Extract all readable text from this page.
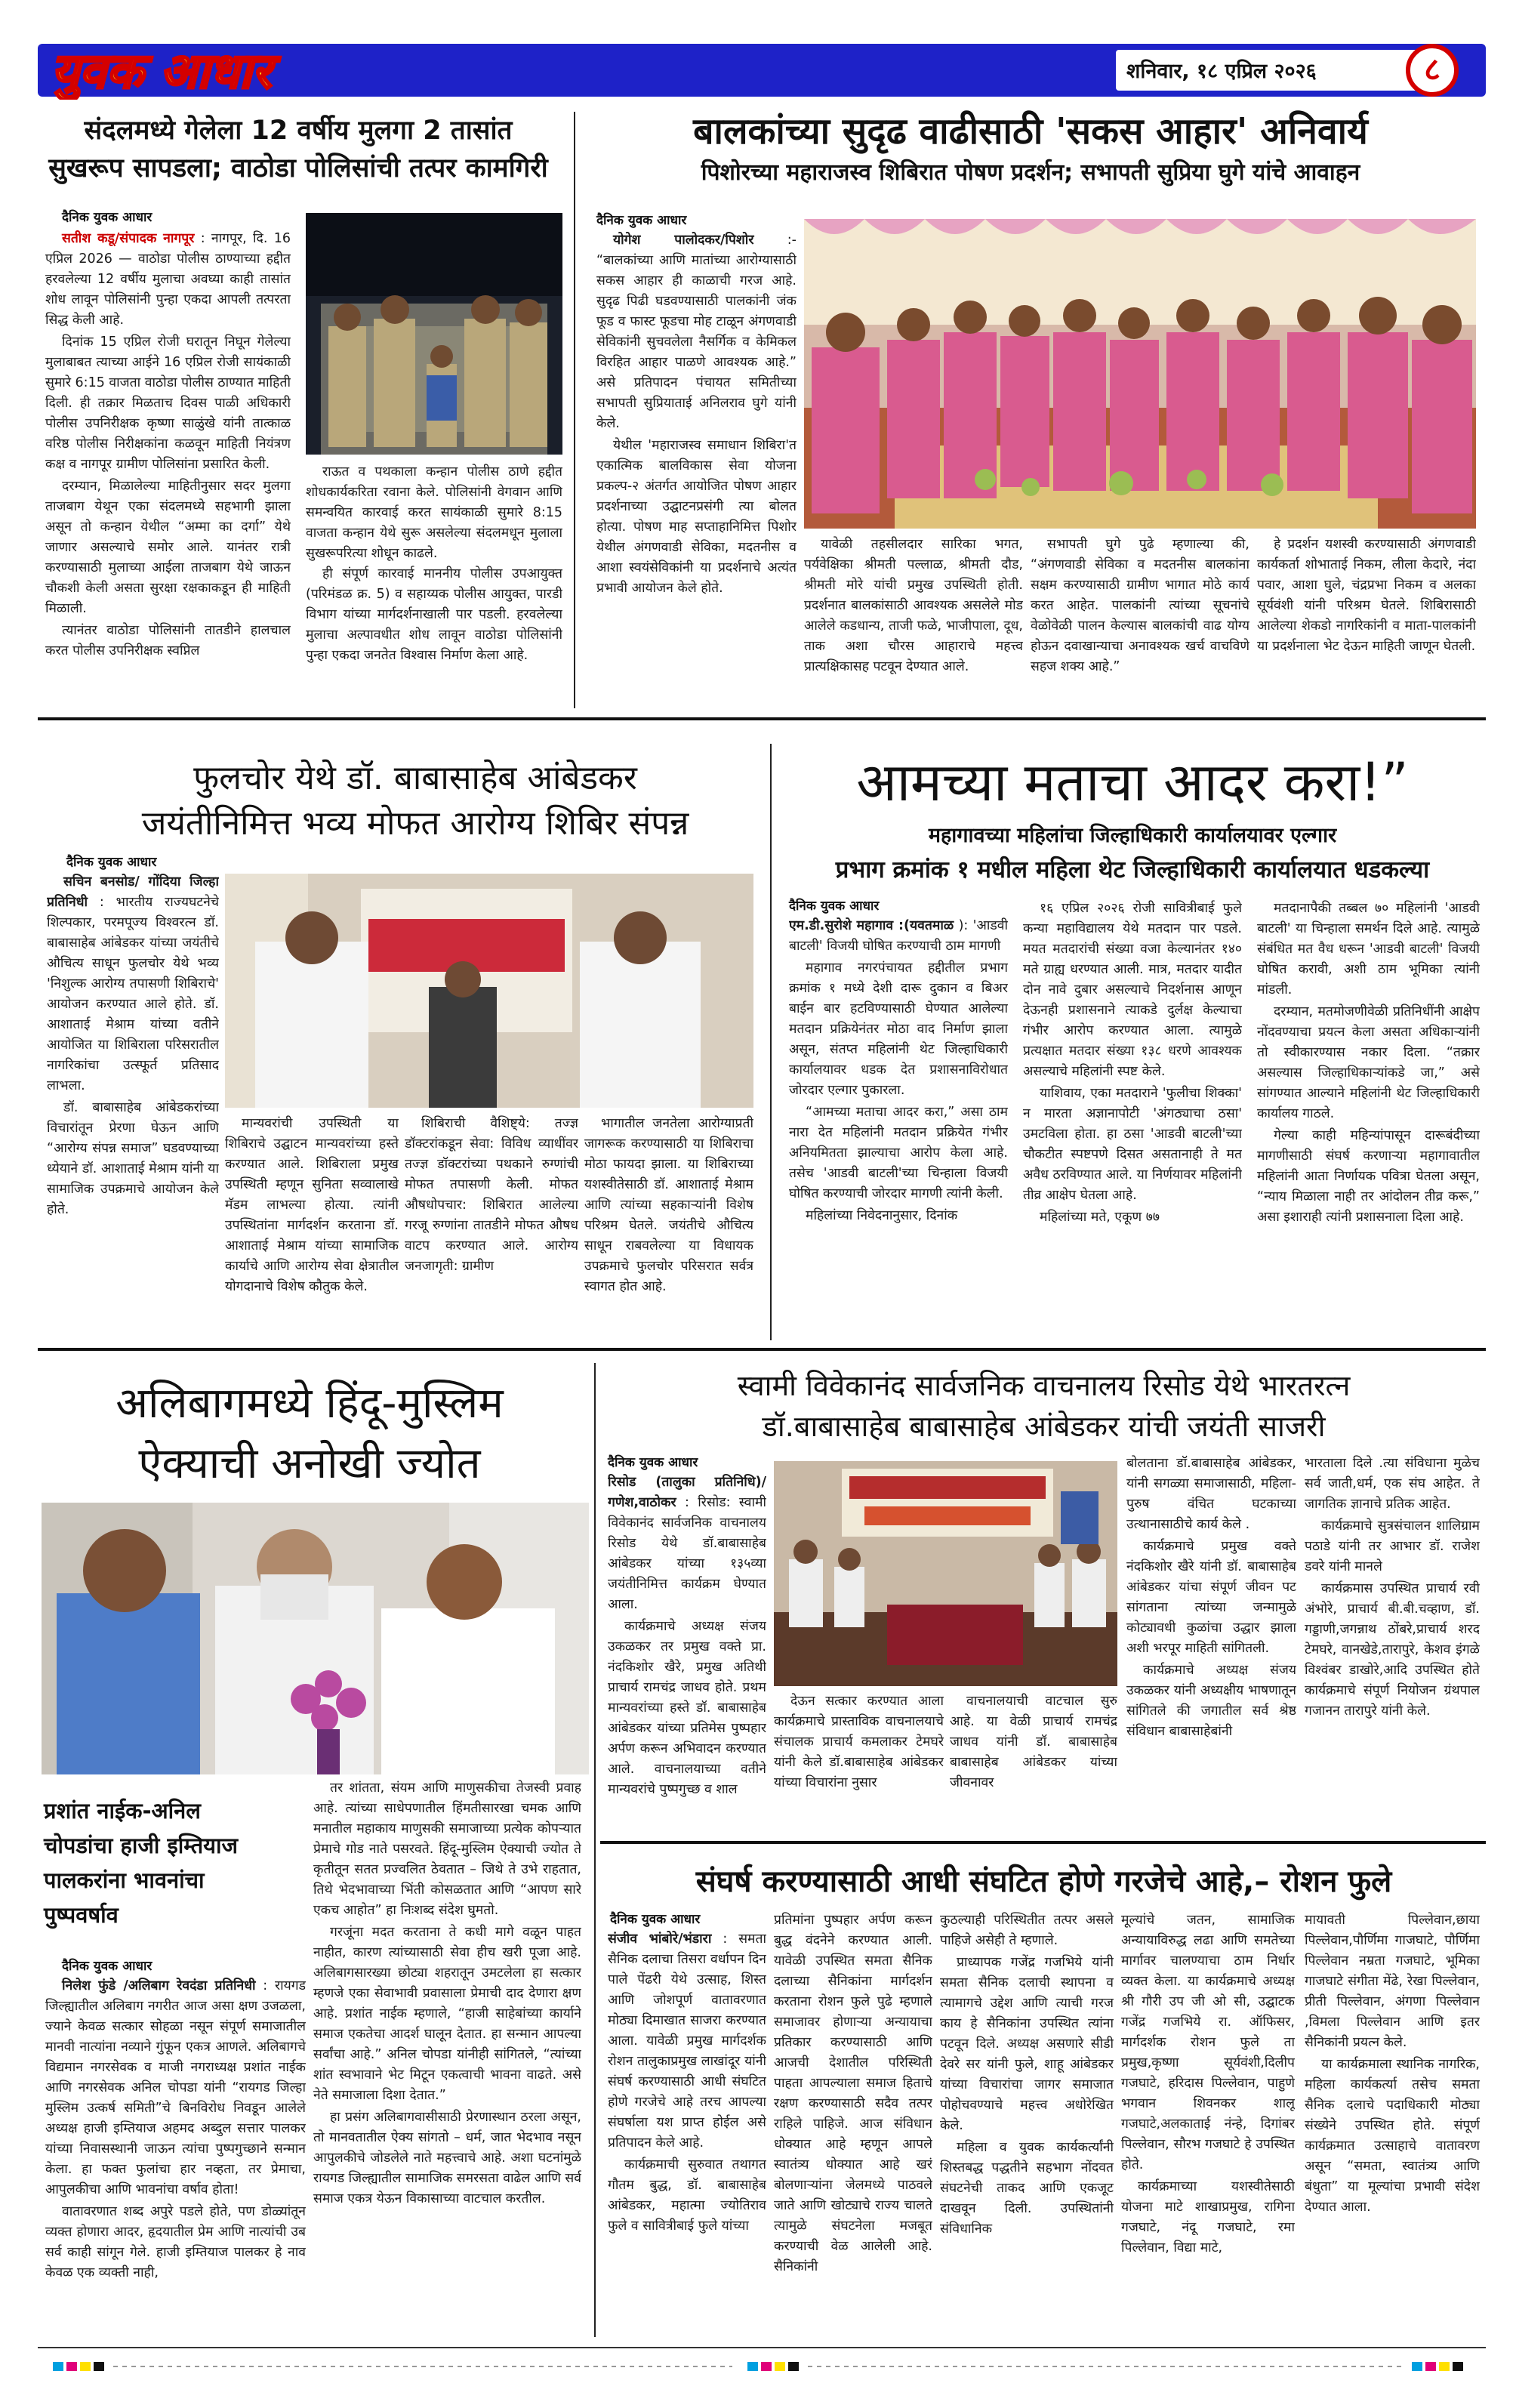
युवक आधार	शनिवार, १८ एप्रिल २०२६	८
संदलमध्ये गेलेला 12 वर्षीय मुलगा 2 तासांत
सुखरूप सापडला; वाठोडा पोलिसांची तत्पर कामगिरी
दैनिक युवक आधार

सतीश कडू/संपादक नागपूर : नागपूर, दि. 16 एप्रिल 2026 — वाठोडा पोलीस ठाण्याच्या हद्दीत हरवलेल्या 12 वर्षीय मुलाचा अवघ्या काही तासांत शोध लावून पोलिसांनी पुन्हा एकदा आपली तत्परता सिद्ध केली आहे.

दिनांक 15 एप्रिल रोजी घरातून निघून गेलेल्या मुलाबाबत त्याच्या आईने 16 एप्रिल रोजी सायंकाळी सुमारे 6:15 वाजता वाठोडा पोलीस ठाण्यात माहिती दिली. ही तक्रार मिळताच दिवस पाळी अधिकारी पोलीस उपनिरीक्षक कृष्णा साळुंखे यांनी तात्काळ वरिष्ठ पोलीस निरीक्षकांना कळवून माहिती नियंत्रण कक्ष व नागपूर ग्रामीण पोलिसांना प्रसारित केली.

दरम्यान, मिळालेल्या माहितीनुसार सदर मुलगा ताजबाग येथून एका संदलमध्ये सहभागी झाला असून तो कन्हान येथील “अम्मा का दर्गा” येथे जाणार असल्याचे समोर आले. यानंतर रात्री करण्यासाठी मुलाच्या आईला ताजबाग येथे जाऊन चौकशी केली असता सुरक्षा रक्षकाकडून ही माहिती मिळाली.

त्यानंतर वाठोडा पोलिसांनी तातडीने हालचाल करत पोलीस उपनिरीक्षक स्वप्निल

राऊत व पथकाला कन्हान पोलीस ठाणे हद्दीत शोधकार्यकरिता रवाना केले. पोलिसांनी वेगवान आणि समन्वयित कारवाई करत सायंकाळी सुमारे 8:15 वाजता कन्हान येथे सुरू असलेल्या संदलमधून मुलाला सुखरूपरित्या शोधून काढले.

ही संपूर्ण कारवाई माननीय पोलीस उपआयुक्त (परिमंडळ क्र. 5) व सहाय्यक पोलीस आयुक्त, पारडी विभाग यांच्या मार्गदर्शनाखाली पार पडली. हरवलेल्या मुलाचा अल्पावधीत शोध लावून वाठोडा पोलिसांनी पुन्हा एकदा जनतेत विश्वास निर्माण केला आहे.

बालकांच्या सुदृढ वाढीसाठी 'सकस आहार' अनिवार्य
पिशोरच्या महाराजस्व शिबिरात पोषण प्रदर्शन; सभापती सुप्रिया घुगे यांचे आवाहन
दैनिक युवक आधार

योगेश पालोदकर/पिशोर :- “बालकांच्या आणि मातांच्या आरोग्यासाठी सकस आहार ही काळाची गरज आहे. सुदृढ पिढी घडवण्यासाठी पालकांनी जंक फूड व फास्ट फूडचा मोह टाळून अंगणवाडी सेविकांनी सुचवलेला नैसर्गिक व केमिकल विरहित आहार पाळणे आवश्यक आहे.” असे प्रतिपादन पंचायत समितीच्या सभापती सुप्रियाताई अनिलराव घुगे यांनी केले.

येथील 'महाराजस्व समाधान शिबिरा'त एकात्मिक बालविकास सेवा योजना प्रकल्प-२ अंतर्गत आयोजित पोषण आहार प्रदर्शनाच्या उद्घाटनप्रसंगी त्या बोलत होत्या. पोषण माह सप्ताहानिमित्त पिशोर येथील अंगणवाडी सेविका, मदतनीस व आशा स्वयंसेविकांनी या प्रदर्शनाचे अत्यंत प्रभावी आयोजन केले होते.

यावेळी तहसीलदार सारिका भगत, पर्यवेक्षिका श्रीमती पल्लाळ, श्रीमती दौड, श्रीमती मोरे यांची प्रमुख उपस्थिती होती. प्रदर्शनात बालकांसाठी आवश्यक असलेले मोड आलेले कडधान्य, ताजी फळे, भाजीपाला, दूध, ताक अशा चौरस आहाराचे महत्त्व प्रात्यक्षिकासह पटवून देण्यात आले.

सभापती घुगे पुढे म्हणाल्या की, “अंगणवाडी सेविका व मदतनीस बालकांना सक्षम करण्यासाठी ग्रामीण भागात मोठे कार्य करत आहेत. पालकांनी त्यांच्या सूचनांचे वेळोवेळी पालन केल्यास बालकांची वाढ योग्य होऊन दवाखान्याचा अनावश्यक खर्च वाचविणे सहज शक्य आहे.”

हे प्रदर्शन यशस्वी करण्यासाठी अंगणवाडी कार्यकर्ता शोभाताई निकम, लीला केदारे, नंदा पवार, आशा घुले, चंद्रप्रभा निकम व अलका सूर्यवंशी यांनी परिश्रम घेतले. शिबिरासाठी आलेल्या शेकडो नागरिकांनी व माता-पालकांनी या प्रदर्शनाला भेट देऊन माहिती जाणून घेतली.

फुलचोर येथे डॉ. बाबासाहेब आंबेडकर
जयंतीनिमित्त भव्य मोफत आरोग्य शिबिर संपन्न
दैनिक युवक आधार

सचिन बनसोड/ गोंदिया जिल्हा प्रतिनिधी : भारतीय राज्यघटनेचे शिल्पकार, परमपूज्य विश्वरत्न डॉ. बाबासाहेब आंबेडकर यांच्या जयंतीचे औचित्य साधून फुलचोर येथे भव्य 'निशुल्क आरोग्य तपासणी शिबिराचे' आयोजन करण्यात आले होते. डॉ. आशाताई मेश्राम यांच्या वतीने आयोजित या शिबिराला परिसरातील नागरिकांचा उत्स्फूर्त प्रतिसाद लाभला.

डॉ. बाबासाहेब आंबेडकरांच्या विचारांतून प्रेरणा घेऊन आणि “आरोग्य संपन्न समाज” घडवण्याच्या ध्येयाने डॉ. आशाताई मेश्राम यांनी या सामाजिक उपक्रमाचे आयोजन केले होते.

मान्यवरांची उपस्थिती या शिबिराचे उद्घाटन मान्यवरांच्या हस्ते करण्यात आले. शिबिराला प्रमुख उपस्थिती म्हणून सुनिता सव्वालाखे मॅडम लाभल्या होत्या. त्यांनी उपस्थितांना मार्गदर्शन करताना डॉ. आशाताई मेश्राम यांच्या सामाजिक कार्याचे आणि आरोग्य सेवा क्षेत्रातील योगदानाचे विशेष कौतुक केले.

शिबिराची वैशिष्ट्ये: तज्ज्ञ डॉक्टरांकडून सेवा: विविध व्याधींवर तज्ज्ञ डॉक्टरांच्या पथकाने रुग्णांची मोफत तपासणी केली. मोफत औषधोपचार: शिबिरात आलेल्या गरजू रुग्णांना तातडीने मोफत औषध वाटप करण्यात आले. आरोग्य जनजागृती: ग्रामीण

भागातील जनतेला आरोग्याप्रती जागरूक करण्यासाठी या शिबिराचा मोठा फायदा झाला. या शिबिराच्या यशस्वीतेसाठी डॉ. आशाताई मेश्राम आणि त्यांच्या सहकाऱ्यांनी विशेष परिश्रम घेतले. जयंतीचे औचित्य साधून राबवलेल्या या विधायक उपक्रमाचे फुलचोर परिसरात सर्वत्र स्वागत होत आहे.

आमच्या मताचा आदर करा!”
महागावच्या महिलांचा जिल्हाधिकारी कार्यालयावर एल्गार
प्रभाग क्रमांक १ मधील महिला थेट जिल्हाधिकारी कार्यालयात धडकल्या
दैनिक युवक आधार

एम.डी.सुरोशे महागाव :(यवतमाळ ): 'आडवी बाटली' विजयी घोषित करण्याची ठाम मागणी

महागाव नगरपंचायत हद्दीतील प्रभाग क्रमांक १ मध्ये देशी दारू दुकान व बिअर बाईन बार हटविण्यासाठी घेण्यात आलेल्या मतदान प्रक्रियेनंतर मोठा वाद निर्माण झाला असून, संतप्त महिलांनी थेट जिल्हाधिकारी कार्यालयावर धडक देत प्रशासनाविरोधात जोरदार एल्गार पुकारला.

“आमच्या मताचा आदर करा,” असा ठाम नारा देत महिलांनी मतदान प्रक्रियेत गंभीर अनियमितता झाल्याचा आरोप केला आहे. तसेच 'आडवी बाटली'च्या चिन्हाला विजयी घोषित करण्याची जोरदार मागणी त्यांनी केली.

महिलांच्या निवेदनानुसार, दिनांक

१६ एप्रिल २०२६ रोजी सावित्रीबाई फुले कन्या महाविद्यालय येथे मतदान पार पडले. मयत मतदारांची संख्या वजा केल्यानंतर १४० मते ग्राह्य धरण्यात आली. मात्र, मतदार यादीत दोन नावे दुबार असल्याचे निदर्शनास आणून देऊनही प्रशासनाने त्याकडे दुर्लक्ष केल्याचा गंभीर आरोप करण्यात आला. त्यामुळे प्रत्यक्षात मतदार संख्या १३८ धरणे आवश्यक असल्याचे महिलांनी स्पष्ट केले.

याशिवाय, एका मतदाराने 'फुलीचा शिक्का' न मारता अज्ञानापोटी 'अंगठ्याचा ठसा' उमटविला होता. हा ठसा 'आडवी बाटली'च्या चौकटीत स्पष्टपणे दिसत असतानाही ते मत अवैध ठरविण्यात आले. या निर्णयावर महिलांनी तीव्र आक्षेप घेतला आहे.

महिलांच्या मते, एकूण ७७

मतदानापैकी तब्बल ७० महिलांनी 'आडवी बाटली' या चिन्हाला समर्थन दिले आहे. त्यामुळे संबंधित मत वैध धरून 'आडवी बाटली' विजयी घोषित करावी, अशी ठाम भूमिका त्यांनी मांडली.

दरम्यान, मतमोजणीवेळी प्रतिनिधींनी आक्षेप नोंदवण्याचा प्रयत्न केला असता अधिकाऱ्यांनी तो स्वीकारण्यास नकार दिला. “तक्रार असल्यास जिल्हाधिकाऱ्यांकडे जा,” असे सांगण्यात आल्याने महिलांनी थेट जिल्हाधिकारी कार्यालय गाठले.

गेल्या काही महिन्यांपासून दारूबंदीच्या मागणीसाठी संघर्ष करणाऱ्या महागावातील महिलांनी आता निर्णायक पवित्रा घेतला असून, “न्याय मिळाला नाही तर आंदोलन तीव्र करू,” असा इशाराही त्यांनी प्रशासनाला दिला आहे.

अलिबागमध्ये हिंदू-मुस्लिम
ऐक्याची अनोखी ज्योत
प्रशांत नाईक-अनिल
चोपडांचा हाजी इम्तियाज
पालकरांना भावनांचा
पुष्पवर्षाव
दैनिक युवक आधार

निलेश फुंडे /अलिबाग रेवदंडा प्रतिनिधी : रायगड जिल्ह्यातील अलिबाग नगरीत आज असा क्षण उजळला, ज्याने केवळ सत्कार सोहळा नसून संपूर्ण समाजातील मानवी नात्यांना नव्याने गुंफून एकत्र आणले. अलिबागचे विद्यमान नगरसेवक व माजी नगराध्यक्ष प्रशांत नाईक आणि नगरसेवक अनिल चोपडा यांनी “रायगड जिल्हा मुस्लिम उत्कर्ष समिती”चे बिनविरोध निवडून आलेले अध्यक्ष हाजी इम्तियाज अहमद अब्दुल सत्तार पालकर यांच्या निवासस्थानी जाऊन त्यांचा पुष्पगुच्छाने सन्मान केला. हा फक्त फुलांचा हार नव्हता, तर प्रेमाचा, आपुलकीचा आणि भावनांचा वर्षाव होता!

वातावरणात शब्द अपुरे पडले होते, पण डोळ्यांतून व्यक्त होणारा आदर, हृदयातील प्रेम आणि नात्यांची उब सर्व काही सांगून गेले. हाजी इम्तियाज पालकर हे नाव केवळ एक व्यक्ती नाही,

तर शांतता, संयम आणि माणुसकीचा तेजस्वी प्रवाह आहे. त्यांच्या साधेपणातील हिंमतीसारखा चमक आणि मनातील महाकाय माणुसकी समाजाच्या प्रत्येक कोपऱ्यात प्रेमाचे गोड नाते पसरवते. हिंदू-मुस्लिम ऐक्याची ज्योत ते कृतीतून सतत प्रज्वलित ठेवतात – जिथे ते उभे राहतात, तिथे भेदभावाच्या भिंती कोसळतात आणि “आपण सारे एकच आहोत” हा निःशब्द संदेश घुमतो.

गरजूंना मदत करताना ते कधी मागे वळून पाहत नाहीत, कारण त्यांच्यासाठी सेवा हीच खरी पूजा आहे. अलिबागसारख्या छोट्या शहरातून उमटलेला हा सत्कार म्हणजे एका सेवाभावी प्रवासाला प्रेमाची दाद देणारा क्षण आहे. प्रशांत नाईक म्हणाले, “हाजी साहेबांच्या कार्याने समाज एकतेचा आदर्श घालून देतात. हा सन्मान आपल्या सर्वांचा आहे.” अनिल चोपडा यांनीही सांगितले, “त्यांच्या शांत स्वभावाने भेट मिटून एकत्वाची भावना वाढते. असे नेते समाजाला दिशा देतात.”

हा प्रसंग अलिबागवासीसाठी प्रेरणास्थान ठरला असून, तो मानवतातील ऐक्य सांगतो – धर्म, जात भेदभाव नसून आपुलकीचे जोडलेले नाते महत्त्वाचे आहे. अशा घटनांमुळे रायगड जिल्ह्यातील सामाजिक समरसता वाढेल आणि सर्व समाज एकत्र येऊन विकासाच्या वाटचाल करतील.

स्वामी विवेकानंद सार्वजनिक वाचनालय रिसोड येथे भारतरत्न
डॉ.बाबासाहेब बाबासाहेब आंबेडकर यांची जयंती साजरी
दैनिक युवक आधार

रिसोड (तालुका प्रतिनिधि)/गणेश,वाठोकर : रिसोड: स्वामी विवेकानंद सार्वजनिक वाचनालय रिसोड येथे डॉ.बाबासाहेब आंबेडकर यांच्या १३५व्या जयंतीनिमित्त कार्यक्रम घेण्यात आला.

कार्यक्रमाचे अध्यक्ष संजय उकळकर तर प्रमुख वक्ते प्रा. नंदकिशोर खैरे, प्रमुख अतिथी प्राचार्य रामचंद्र जाधव होते. प्रथम मान्यवरांच्या हस्ते डॉ. बाबासाहेब आंबेडकर यांच्या प्रतिमेस पुष्पहार अर्पण करून अभिवादन करण्यात आले. वाचनालयाच्या वतीने मान्यवरांचे पुष्पगुच्छ व शाल

देऊन सत्कार करण्यात आला कार्यक्रमाचे प्रास्ताविक वाचनालयाचे संचालक प्राचार्य कमलाकर टेमघरे यांनी केले डॉ.बाबासाहेब आंबेडकर यांच्या विचारांना नुसार

वाचनालयाची वाटचाल सुरु आहे. या वेळी प्राचार्य रामचंद्र जाधव यांनी डॉ. बाबासाहेब बाबासाहेब आंबेडकर यांच्या जीवनावर

बोलताना डॉ.बाबासाहेब आंबेडकर, यांनी सगळ्या समाजासाठी, महिला-पुरुष वंचित घटकाच्या उत्थानासाठीचे कार्य केले .

कार्यक्रमाचे प्रमुख वक्ते नंदकिशोर खैरे यांनी डॉ. बाबासाहेब आंबेडकर यांचा संपूर्ण जीवन पट सांगताना त्यांच्या जन्मामुळे कोट्यावधी कुळांचा उद्धार झाला अशी भरपूर माहिती सांगितली.

कार्यक्रमाचे अध्यक्ष संजय उकळकर यांनी अध्यक्षीय भाषणातून सांगितले की जगातील सर्व श्रेष्ठ संविधान बाबासाहेबांनी

भारताला दिले .त्या संविधाना मुळेच सर्व जाती,धर्म, एक संघ आहेत. ते जागतिक ज्ञानाचे प्रतिक आहेत.

कार्यक्रमाचे सुत्रसंचालन शालिग्राम पठाडे यांनी तर आभार डॉ. राजेश डवरे यांनी मानले

कार्यक्रमास उपस्थित प्राचार्य रवी अंभोरे, प्राचार्य बी.बी.चव्हाण, डॉ. गड्डाणी,जगन्नाथ ठोंबरे,प्राचार्य शरद टेमघरे, वानखेडे,तारापुरे, केशव इंगळे विश्वंबर डाखोरे,आदि उपस्थित होते कार्यक्रमाचे संपूर्ण नियोजन ग्रंथपाल गजानन तारापुरे यांनी केले.

संघर्ष करण्यासाठी आधी संघटित होणे गरजेचे आहे,– रोशन फुले
दैनिक युवक आधार

संजीव भांबोरे/भंडारा : समता सैनिक दलाचा तिसरा वर्धापन दिन पाले पेंढरी येथे उत्साह, शिस्त आणि जोशपूर्ण वातावरणात मोठ्या दिमाखात साजरा करण्यात आला. यावेळी प्रमुख मार्गदर्शक रोशन तालुकाप्रमुख लाखांदूर यांनी संघर्ष करण्यासाठी आधी संघटित होणे गरजेचे आहे तरच आपल्या संघर्षाला यश प्राप्त होईल असे प्रतिपादन केले आहे.

कार्यक्रमाची सुरुवात तथागत गौतम बुद्ध, डॉ. बाबासाहेब आंबेडकर, महात्मा ज्योतिराव फुले व सावित्रीबाई फुले यांच्या

प्रतिमांना पुष्पहार अर्पण करून बुद्ध वंदनेने करण्यात आली. यावेळी उपस्थित समता सैनिक दलाच्या सैनिकांना मार्गदर्शन करताना रोशन फुले पुढे म्हणाले समाजावर होणाऱ्या अन्यायाचा प्रतिकार करण्यासाठी आणि आजची देशातील परिस्थिती पाहता आपल्याला समाज हिताचे रक्षण करण्यासाठी सदैव तत्पर राहिले पाहिजे. आज संविधान धोक्यात आहे म्हणून आपले स्वातंत्र्य धोक्यात आहे खरं बोलणाऱ्यांना जेलमध्ये पाठवले जाते आणि खोट्याचे राज्य चालते त्यामुळे संघटनेला मजबूत करण्याची वेळ आलेली आहे. सैनिकांनी

कुठल्याही परिस्थितीत तत्पर असले पाहिजे असेही ते म्हणाले.

प्राध्यापक गजेंद्र गजभिये यांनी समता सैनिक दलाची स्थापना व त्यामागचे उद्देश आणि त्याची गरज काय हे सैनिकांना उपस्थित त्यांना पटवून दिले. अध्यक्ष असणारे सीडी देवरे सर यांनी फुले, शाहू आंबेडकर यांच्या विचारांचा जागर समाजात पोहोचवण्याचे महत्त्व अधोरेखित केले.

महिला व युवक कार्यकर्त्यांनी शिस्तबद्ध पद्धतीने सहभाग नोंदवत संघटनेची ताकद आणि एकजूट दाखवून दिली. उपस्थितांनी संविधानिक

मूल्यांचे जतन, सामाजिक अन्यायाविरुद्ध लढा आणि समतेच्या मार्गावर चालण्याचा ठाम निर्धार व्यक्त केला. या कार्यक्रमाचे अध्यक्ष श्री गौरी उप जी ओ सी, उद्घाटक गजेंद्र गजभिये रा. ऑफिसर, मार्गदर्शक रोशन फुले ता प्रमुख,कृष्णा सूर्यवंशी,दिलीप गजघाटे, हरिदास पिल्लेवान, पाहुणे भगवान शिवनकर शालू गजघाटे,अलकाताई नंन्हे, दिगांबर पिल्लेवान, सौरभ गजघाटे हे उपस्थित होते.

कार्यक्रमाच्या यशस्वीतेसाठी योजना माटे शाखाप्रमुख, रागिना गजघाटे, नंदू गजघाटे, रमा पिल्लेवान, विद्या माटे,

मायावती पिल्लेवान,छाया पिल्लेवान,पौर्णिमा गाजघाटे, पौर्णिमा पिल्लेवान नम्रता गजघाटे, भूमिका गाजघाटे संगीता मेंढे, रेखा पिल्लेवान, प्रीती पिल्लेवान, अंगणा पिल्लेवान ,विमला पिल्लेवान आणि इतर सैनिकांनी प्रयत्न केले.

या कार्यक्रमाला स्थानिक नागरिक, महिला कार्यकर्त्या तसेच समता सैनिक दलाचे पदाधिकारी मोठ्या संख्येने उपस्थित होते. संपूर्ण कार्यक्रमात उत्साहाचे वातावरण असून “समता, स्वातंत्र्य आणि बंधुता” या मूल्यांचा प्रभावी संदेश देण्यात आला.
